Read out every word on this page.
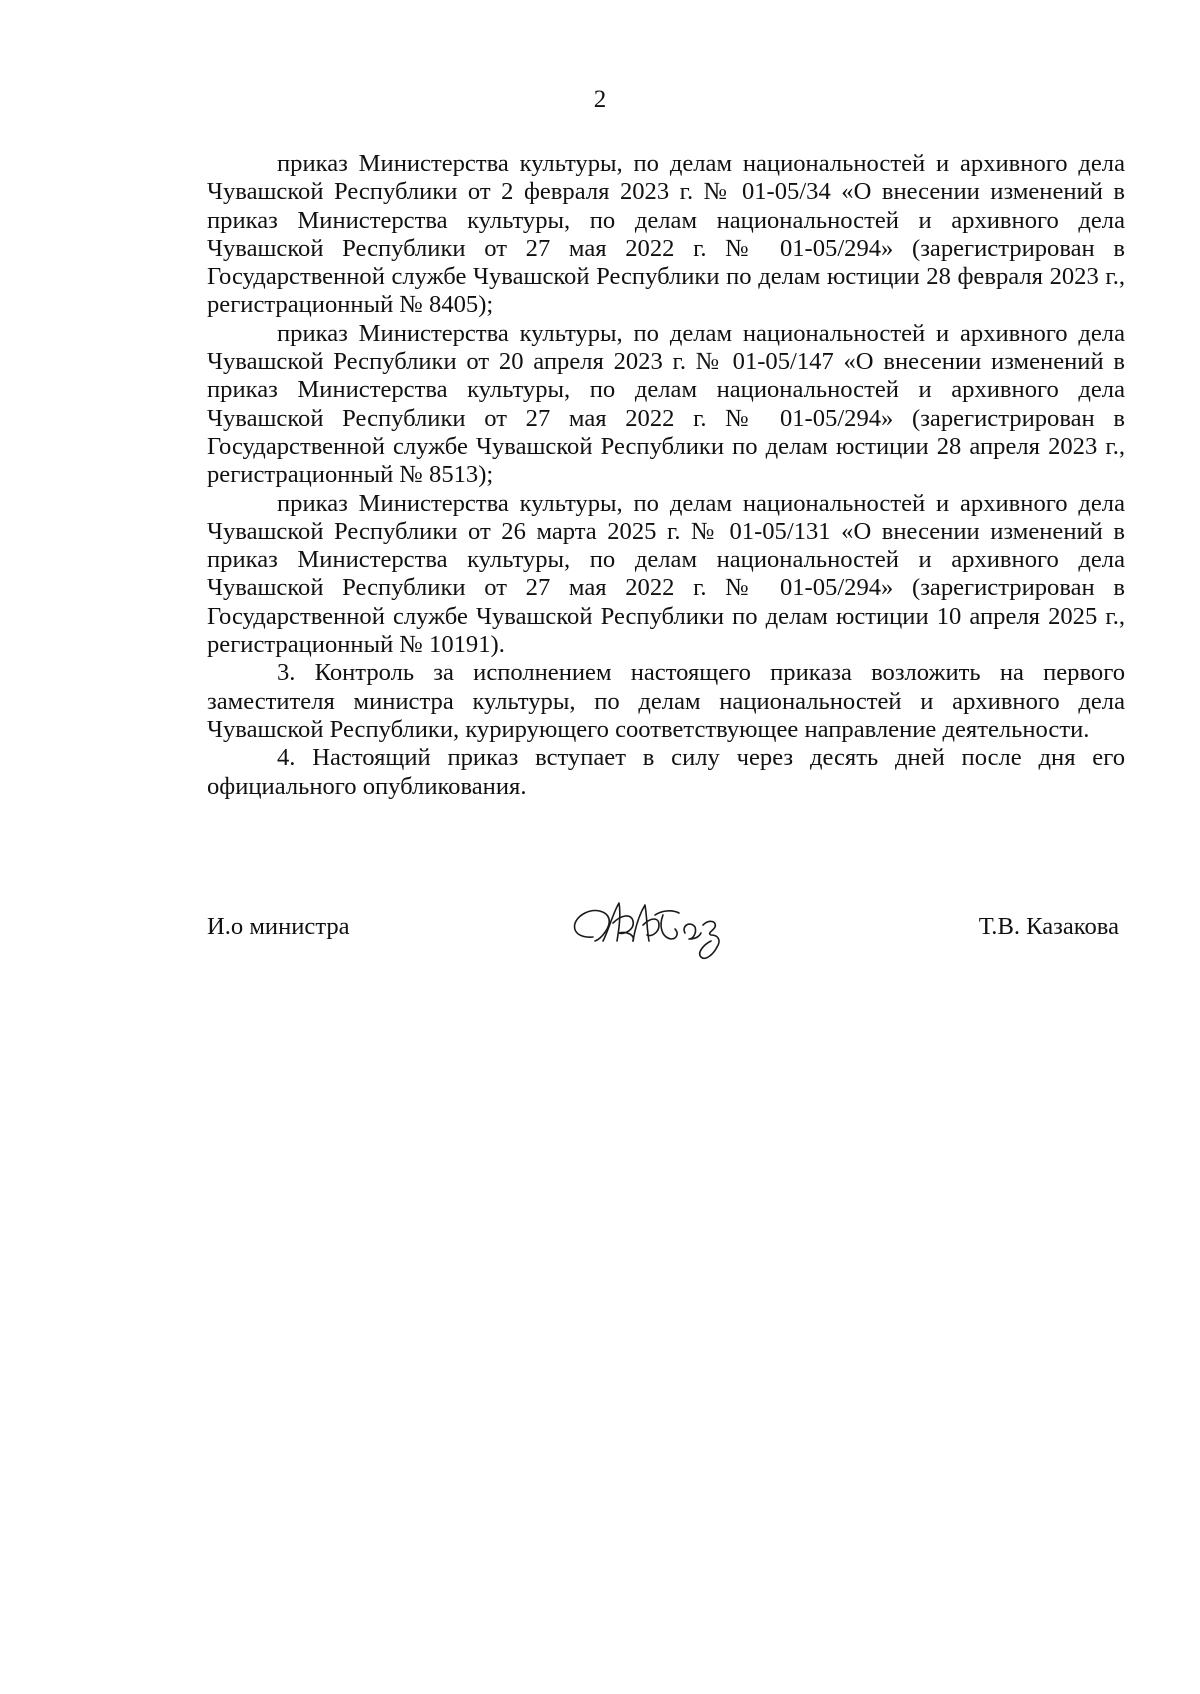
2

приказ Министерства культуры, по делам национальностей и архивного дела Чувашской Республики от 2 февраля 2023 г. № 01-05/34 «О внесении изменений в приказ Министерства культуры, по делам национальностей и архивного дела Чувашской Республики от 27 мая 2022 г. № 01-05/294» (зарегистрирован в Государственной службе Чувашской Республики по делам юстиции 28 февраля 2023 г., регистрационный № 8405);

приказ Министерства культуры, по делам национальностей и архивного дела Чувашской Республики от 20 апреля 2023 г. № 01-05/147 «О внесении изменений в приказ Министерства культуры, по делам национальностей и архивного дела Чувашской Республики от 27 мая 2022 г. № 01-05/294» (зарегистрирован в Государственной службе Чувашской Республики по делам юстиции 28 апреля 2023 г., регистрационный № 8513);

приказ Министерства культуры, по делам национальностей и архивного дела Чувашской Республики от 26 марта 2025 г. № 01-05/131 «О внесении изменений в приказ Министерства культуры, по делам национальностей и архивного дела Чувашской Республики от 27 мая 2022 г. № 01-05/294» (зарегистрирован в Государственной службе Чувашской Республики по делам юстиции 10 апреля 2025 г., регистрационный № 10191).

3. Контроль за исполнением настоящего приказа возложить на первого заместителя министра культуры, по делам национальностей и архивного дела Чувашской Республики, курирующего соответствующее направление деятельности.

4. Настоящий приказ вступает в силу через десять дней после дня его официального опубликования.

И.о министра	Т.В. Казакова
